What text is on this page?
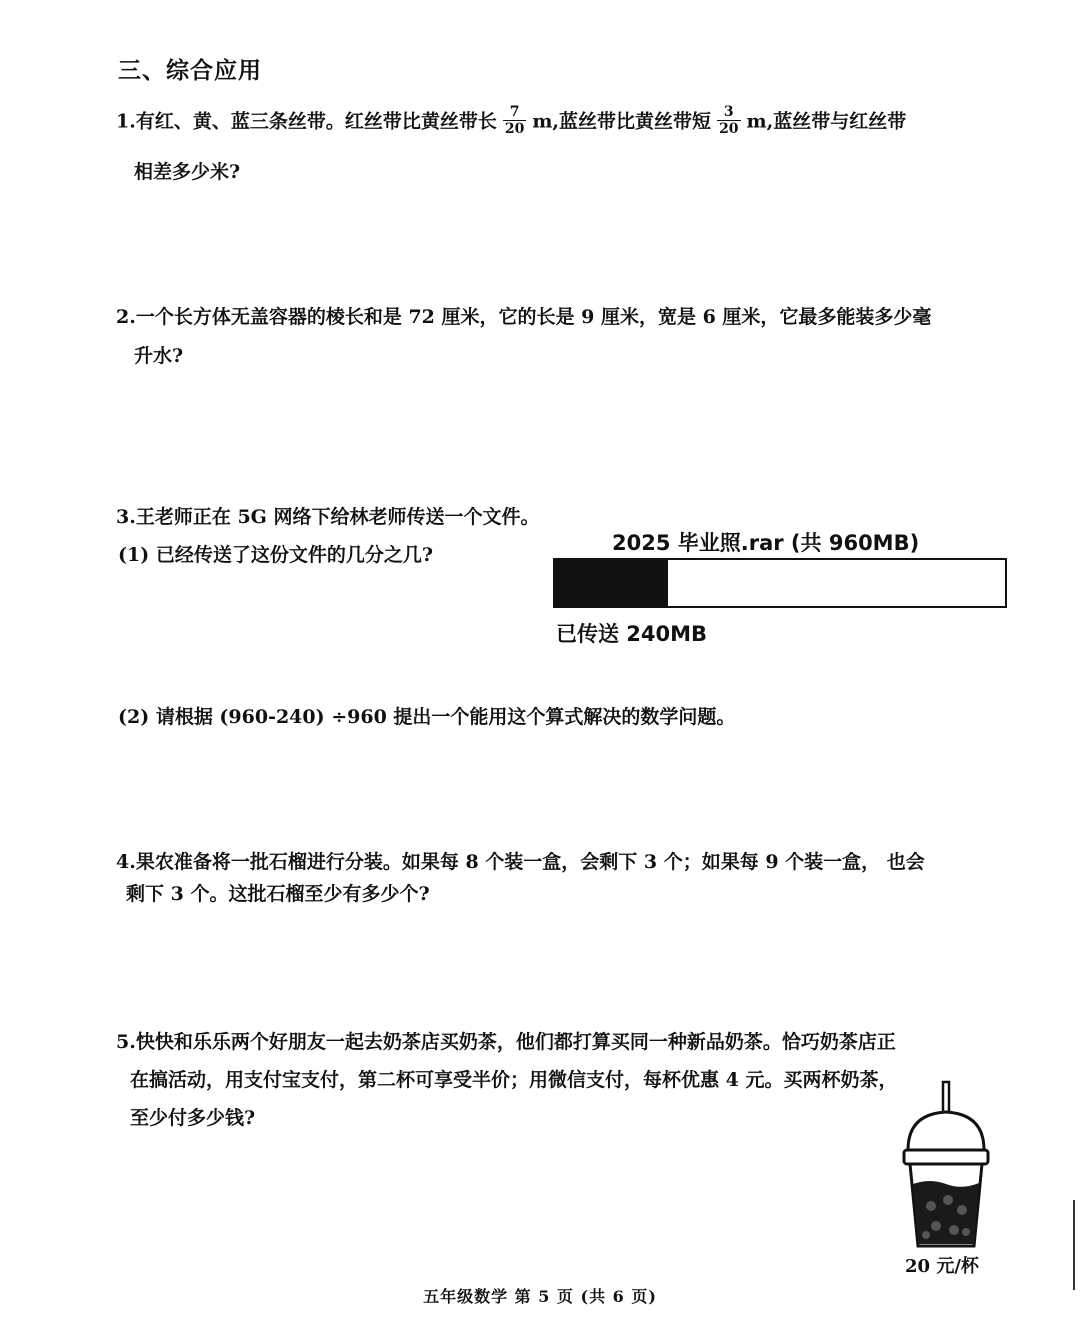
三、综合应用
1.有红、黄、蓝三条丝带。红丝带比黄丝带长 $\frac{7}{20} m$,蓝丝带比黄丝带短 $\frac{3}{20} m$,蓝丝带与红丝带
相差多少米?
2.一个长方体无盖容器的棱长和是 72 厘米，它的长是 9 厘米，宽是 6 厘米，它最多能装多少毫
升水?
3.王老师正在 5G 网络下给林老师传送一个文件。
(1) 已经传送了这份文件的几分之几?	2025 毕业照.rar (共 960MB)
已传送 240MB
(2) 请根据 (960-240) ÷960 提出一个能用这个算式解决的数学问题。
4.果农准备将一批石榴进行分装。如果每 8 个装一盒，会剩下 3 个；如果每 9 个装一盒， 也会
剩下 3 个。这批石榴至少有多少个?
5.快快和乐乐两个好朋友一起去奶茶店买奶茶，他们都打算买同一种新品奶茶。恰巧奶茶店正
在搞活动，用支付宝支付，第二杯可享受半价；用微信支付，每杯优惠 4 元。买两杯奶茶，
至少付多少钱?
20 元/杯
五年级数学 第 5 页 (共 6 页)
